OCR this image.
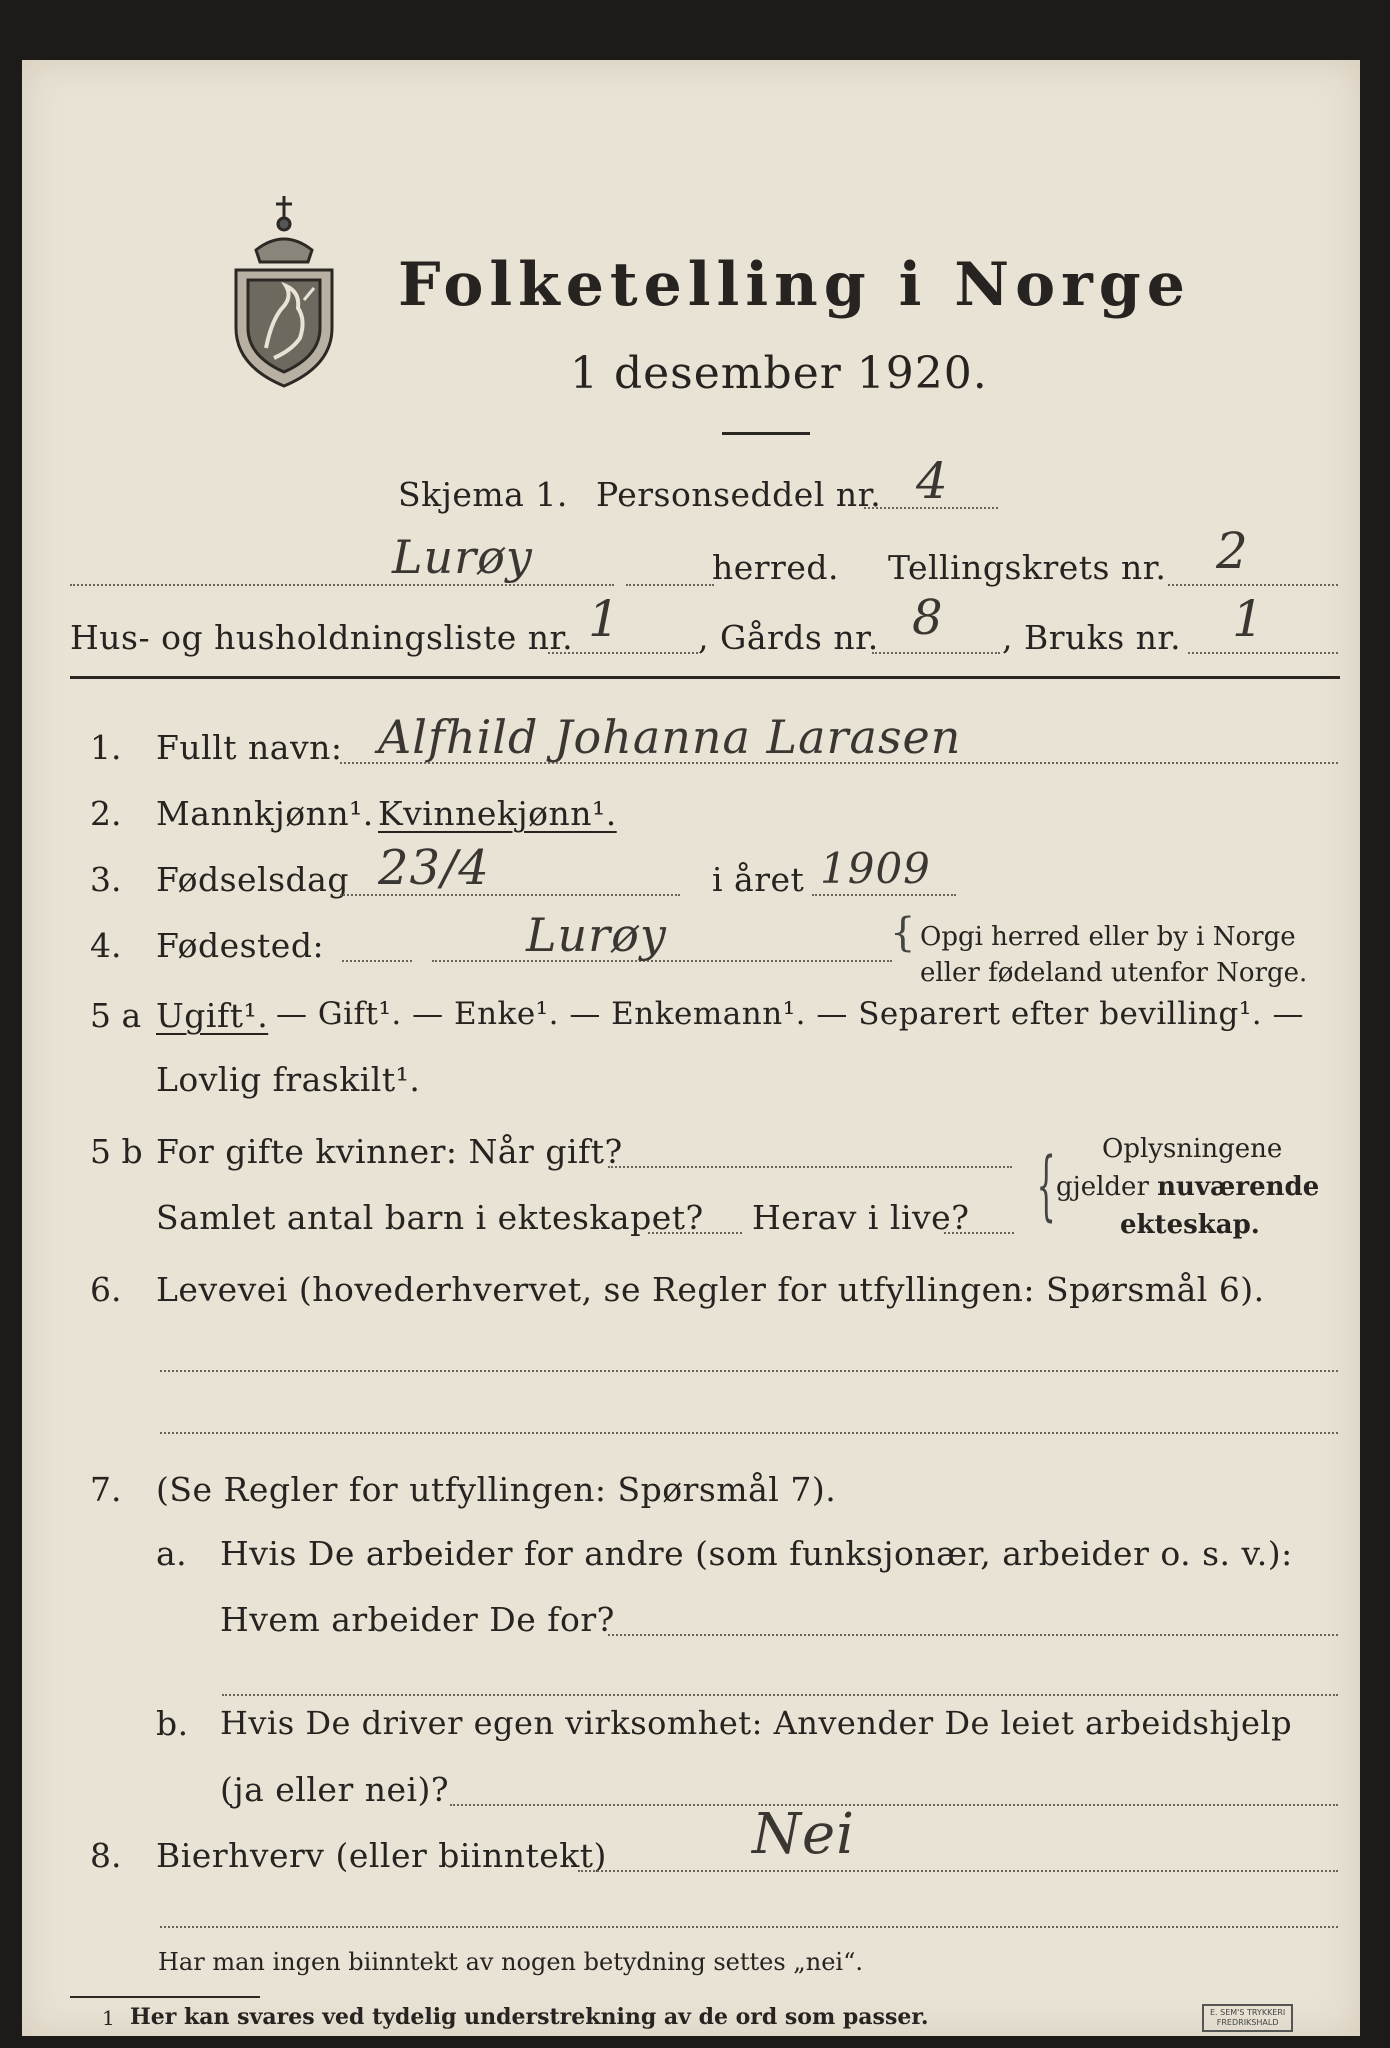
Folketelling i Norge
1 desember 1920.
Skjema 1. Personseddel nr. 4
Lurøy	herred. Tellingskrets nr. 2
Hus- og husholdningsliste nr. 1 , Gårds nr. 8 , Bruks nr. 1
1. Fullt navn: Alfhild Johanna Larasen
2. Mannkjønn¹. Kvinnekjønn¹.
3. Fødselsdag 23/4	i året 1909
4. Fødested:	Lurøy	{ Opgi herred eller by i Norge
eller fødeland utenfor Norge.
5 a Ugift¹. — Gift¹. — Enke¹. — Enkemann¹. — Separert efter bevilling¹. —
Lovlig fraskilt¹.
5 b For gifte kvinner: Når gift?
Samlet antal barn i ekteskapet? Herav i live? { Oplysningene
gjelder nuværende
ekteskap.
6. Levevei (hovederhvervet, se Regler for utfyllingen: Spørsmål 6).
7. (Se Regler for utfyllingen: Spørsmål 7).
a. Hvis De arbeider for andre (som funksjonær, arbeider o. s. v.):
Hvem arbeider De for?
b. Hvis De driver egen virksomhet: Anvender De leiet arbeidshjelp
(ja eller nei)?
8. Bierhverv (eller biinntekt)	Nei
Har man ingen biinntekt av nogen betydning settes „nei“.
1 Her kan svares ved tydelig understrekning av de ord som passer.	E. SEM'S TRYKKERI
FREDRIKSHALD
